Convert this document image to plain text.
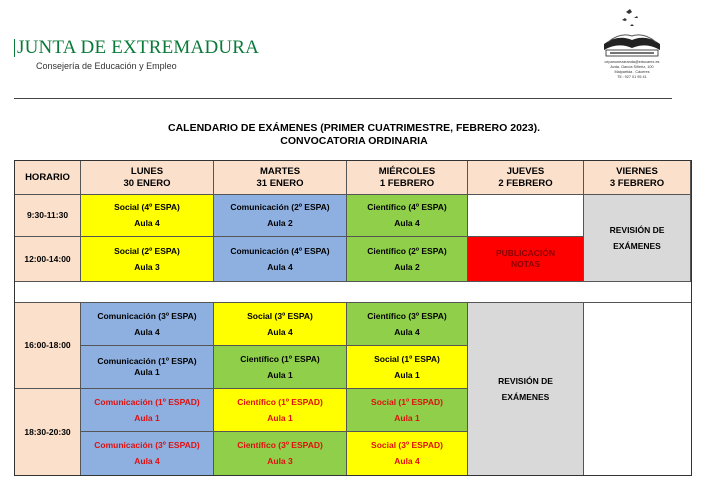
JUNTA DE EXTREMADURA
Consejería de Educación y Empleo	cepanunezaranda@educarex.es
Avda. García Siñeriz, 100
Malpartida . Cáceres
Tlf.: 927 01 95 41
CALENDARIO DE EXÁMENES (PRIMER CUATRIMESTRE, FEBRERO 2023).
CONVOCATORIA ORDINARIA
HORARIO
LUNES
30 ENERO
MARTES
31 ENERO
MIÉRCOLES
1 FEBRERO
JUEVES
2 FEBRERO
VIERNES
3 FEBRERO
9:30-11:30
12:00-14:00
Social (4º ESPA)
Aula 4
Comunicación (2º ESPA)
Aula 2
Científico (4º ESPA)
Aula 4
REVISIÓN DE
EXÁMENES
Social (2º ESPA)
Aula 3
Comunicación (4º ESPA)
Aula 4
Científico (2º ESPA)
Aula 2
PUBLICACIÓN
NOTAS
16:00-18:00
18:30-20:30
Comunicación (3º ESPA)
Aula 4
Social (3º ESPA)
Aula 4
Científico (3º ESPA)
Aula 4
REVISIÓN DE
EXÁMENES
Comunicación (1º ESPA)
Aula 1
Científico (1º ESPA)
Aula 1
Social (1º ESPA)
Aula 1
Comunicación (1º ESPAD)
Aula 1
Científico (1º ESPAD)
Aula 1
Social (1º ESPAD)
Aula 1
Comunicación (3º ESPAD)
Aula 4
Científico (3º ESPAD)
Aula 3
Social (3º ESPAD)
Aula 4
